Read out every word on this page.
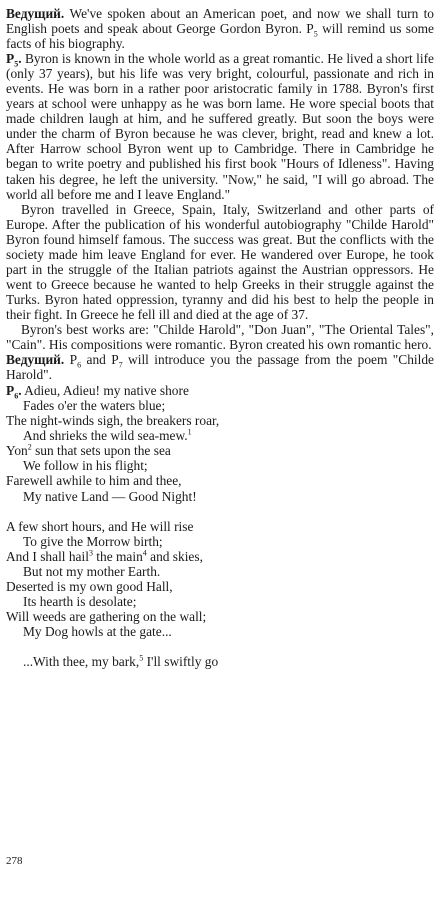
Ведущий. We've spoken about an American poet, and now we shall turn to English poets and speak about George Gordon Byron. $P_5$ will remind us some facts of his biography.

$P_5$. Byron is known in the whole world as a great romantic. He lived a short life (only 37 years), but his life was very bright, colourful, passionate and rich in events. He was born in a rather poor aristocratic family in 1788. Byron's first years at school were unhappy as he was born lame. He wore special boots that made children laugh at him, and he suffered greatly. But soon the boys were under the charm of Byron because he was clever, bright, read and knew a lot. After Harrow school Byron went up to Cambridge. There in Cambridge he began to write poetry and published his first book "Hours of Idleness". Having taken his degree, he left the university. "Now," he said, "I will go abroad. The world all before me and I leave England."

Byron travelled in Greece, Spain, Italy, Switzerland and other parts of Europe. After the publication of his wonderful autobiography "Childe Harold" Byron found himself famous. The success was great. But the conflicts with the society made him leave England for ever. He wandered over Europe, he took part in the struggle of the Italian patriots against the Austrian oppressors. He went to Greece because he wanted to help Greeks in their struggle against the Turks. Byron hated oppression, tyranny and did his best to help the people in their fight. In Greece he fell ill and died at the age of 37.

Byron's best works are: "Childe Harold", "Don Juan", "The Oriental Tales", "Cain". His compositions were romantic. Byron created his own romantic hero.

Ведущий. $P_6$ and $P_7$ will introduce you the passage from the poem "Childe Harold".

$P_6$. Adieu, Adieu! my native shore

Fades o'er the waters blue;

The night-winds sigh, the breakers roar,

And shrieks the wild sea-mew.$^1$

Yon$^2$ sun that sets upon the sea

We follow in his flight;

Farewell awhile to him and thee,

My native Land — Good Night!

A few short hours, and He will rise

To give the Morrow birth;

And I shall hail$^3$ the main$^4$ and skies,

But not my mother Earth.

Deserted is my own good Hall,

Its hearth is desolate;

Will weeds are gathering on the wall;

My Dog howls at the gate...

...With thee, my bark,$^5$ I'll swiftly go

278
